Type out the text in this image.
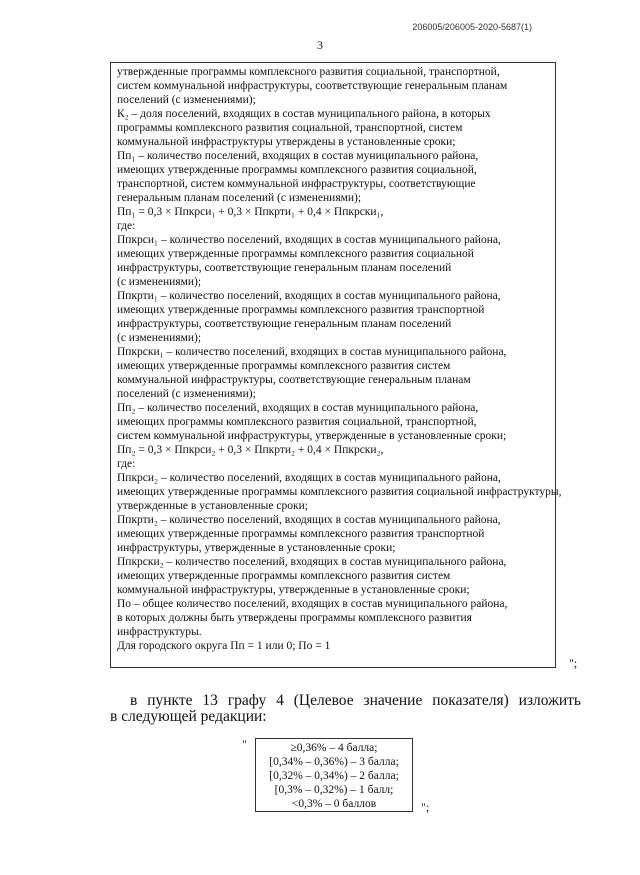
206005/206005-2020-5687(1)
3
утвержденные программы комплексного развития социальной, транспортной,
систем коммунальной инфраструктуры, соответствующие генеральным планам
поселений (с изменениями);
К₂ – доля поселений, входящих в состав муниципального района, в которых
программы комплексного развития социальной, транспортной, систем
коммунальной инфраструктуры утверждены в установленные сроки;
Пп₁ – количество поселений, входящих в состав муниципального района,
имеющих утвержденные программы комплексного развития социальной,
транспортной, систем коммунальной инфраструктуры, соответствующие
генеральным планам поселений (с изменениями);
Пп₁ = 0,3 × Ппкрси₁ + 0,3 × Ппкрти₁ + 0,4 × Ппкрски₁,
где:
Ппкрси₁ – количество поселений, входящих в состав муниципального района,
имеющих утвержденные программы комплексного развития социальной
инфраструктуры, соответствующие генеральным планам поселений
(с изменениями);
Ппкрти₁ – количество поселений, входящих в состав муниципального района,
имеющих утвержденные программы комплексного развития транспортной
инфраструктуры, соответствующие генеральным планам поселений
(с изменениями);
Ппкрски₁ – количество поселений, входящих в состав муниципального района,
имеющих утвержденные программы комплексного развития систем
коммунальной инфраструктуры, соответствующие генеральным планам
поселений (с изменениями);
Пп₂ – количество поселений, входящих в состав муниципального района,
имеющих программы комплексного развития социальной, транспортной,
систем коммунальной инфраструктуры, утвержденные в установленные сроки;
Пп₂ = 0,3 × Ппкрси₂ + 0,3 × Ппкрти₂ + 0,4 × Ппкрски₂,
где:
Ппкрси₂ – количество поселений, входящих в состав муниципального района,
имеющих утвержденные программы комплексного развития социальной инфраструктуры,
утвержденные в установленные сроки;
Ппкрти₂ – количество поселений, входящих в состав муниципального района,
имеющих утвержденные программы комплексного развития транспортной
инфраструктуры, утвержденные в установленные сроки;
Ппкрски₂ – количество поселений, входящих в состав муниципального района,
имеющих утвержденные программы комплексного развития систем
коммунальной инфраструктуры, утвержденные в установленные сроки;
По – общее количество поселений, входящих в состав муниципального района,
в которых должны быть утверждены программы комплексного развития
инфраструктуры.
Для городского округа Пп = 1 или 0; По = 1
";
в пункте 13 графу 4 (Целевое значение показателя) изложить
в следующей редакции:
"	≥0,36% – 4 балла;
[0,34% – 0,36%) – 3 балла;
[0,32% – 0,34%) – 2 балла;
[0,3% – 0,32%) – 1 балл;
<0,3% – 0 баллов	";
